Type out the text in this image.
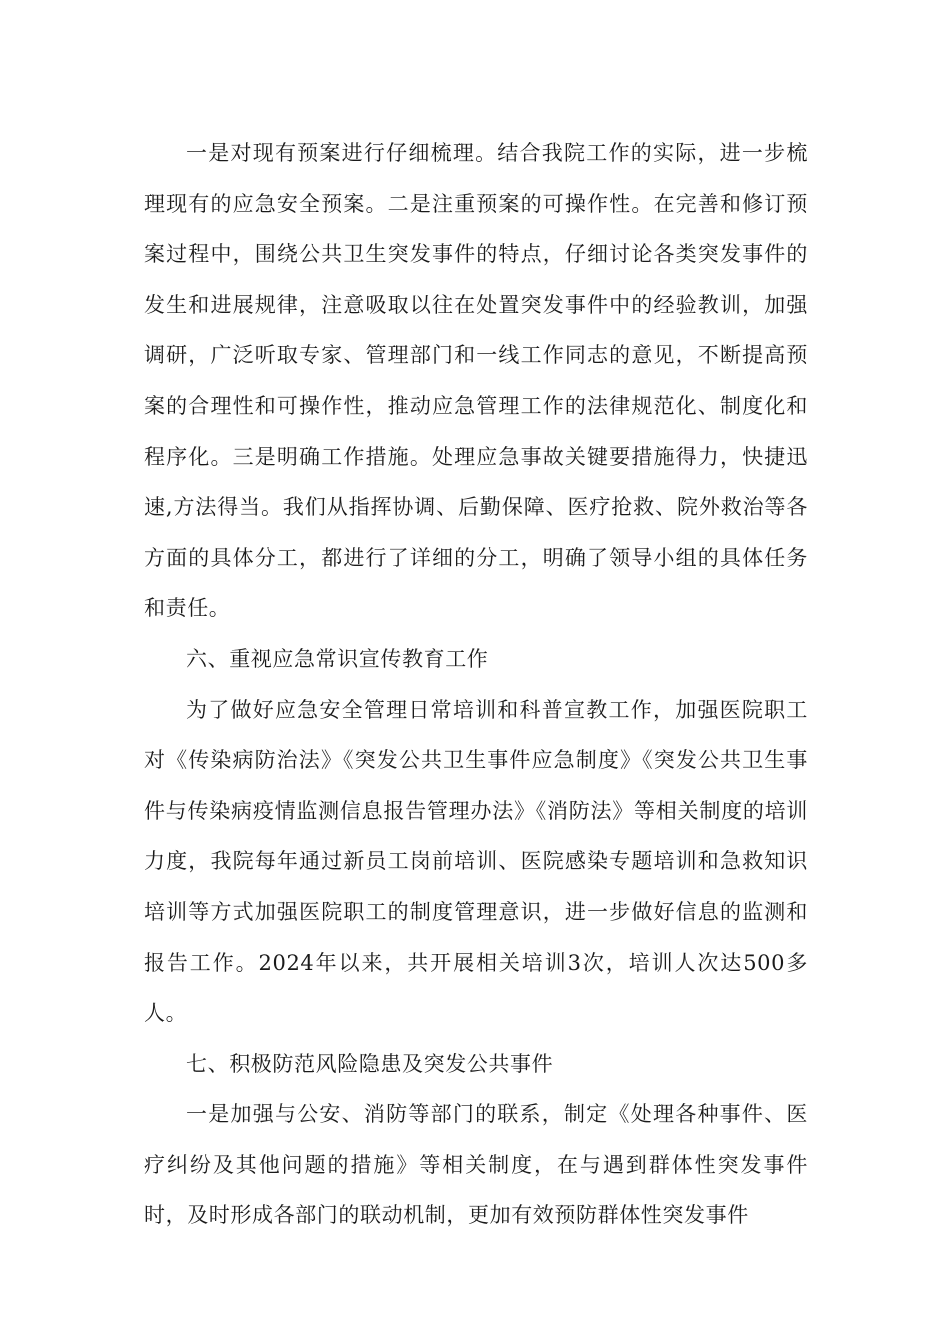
一是对现有预案进行仔细梳理。结合我院工作的实际，进一步梳理现有的应急安全预案。二是注重预案的可操作性。在完善和修订预案过程中，围绕公共卫生突发事件的特点，仔细讨论各类突发事件的发生和进展规律，注意吸取以往在处置突发事件中的经验教训，加强调研，广泛听取专家、管理部门和一线工作同志的意见，不断提高预案的合理性和可操作性，推动应急管理工作的法律规范化、制度化和程序化。三是明确工作措施。处理应急事故关键要措施得力，快捷迅速,方法得当。我们从指挥协调、后勤保障、医疗抢救、院外救治等各方面的具体分工，都进行了详细的分工，明确了领导小组的具体任务和责任。

六、重视应急常识宣传教育工作

为了做好应急安全管理日常培训和科普宣教工作，加强医院职工对《传染病防治法》《突发公共卫生事件应急制度》《突发公共卫生事件与传染病疫情监测信息报告管理办法》《消防法》等相关制度的培训力度，我院每年通过新员工岗前培训、医院感染专题培训和急救知识培训等方式加强医院职工的制度管理意识，进一步做好信息的监测和报告工作。2024年以来，共开展相关培训3次，培训人次达500多人。

七、积极防范风险隐患及突发公共事件

一是加强与公安、消防等部门的联系，制定《处理各种事件、医疗纠纷及其他问题的措施》等相关制度，在与遇到群体性突发事件时，及时形成各部门的联动机制，更加有效预防群体性突发事件
